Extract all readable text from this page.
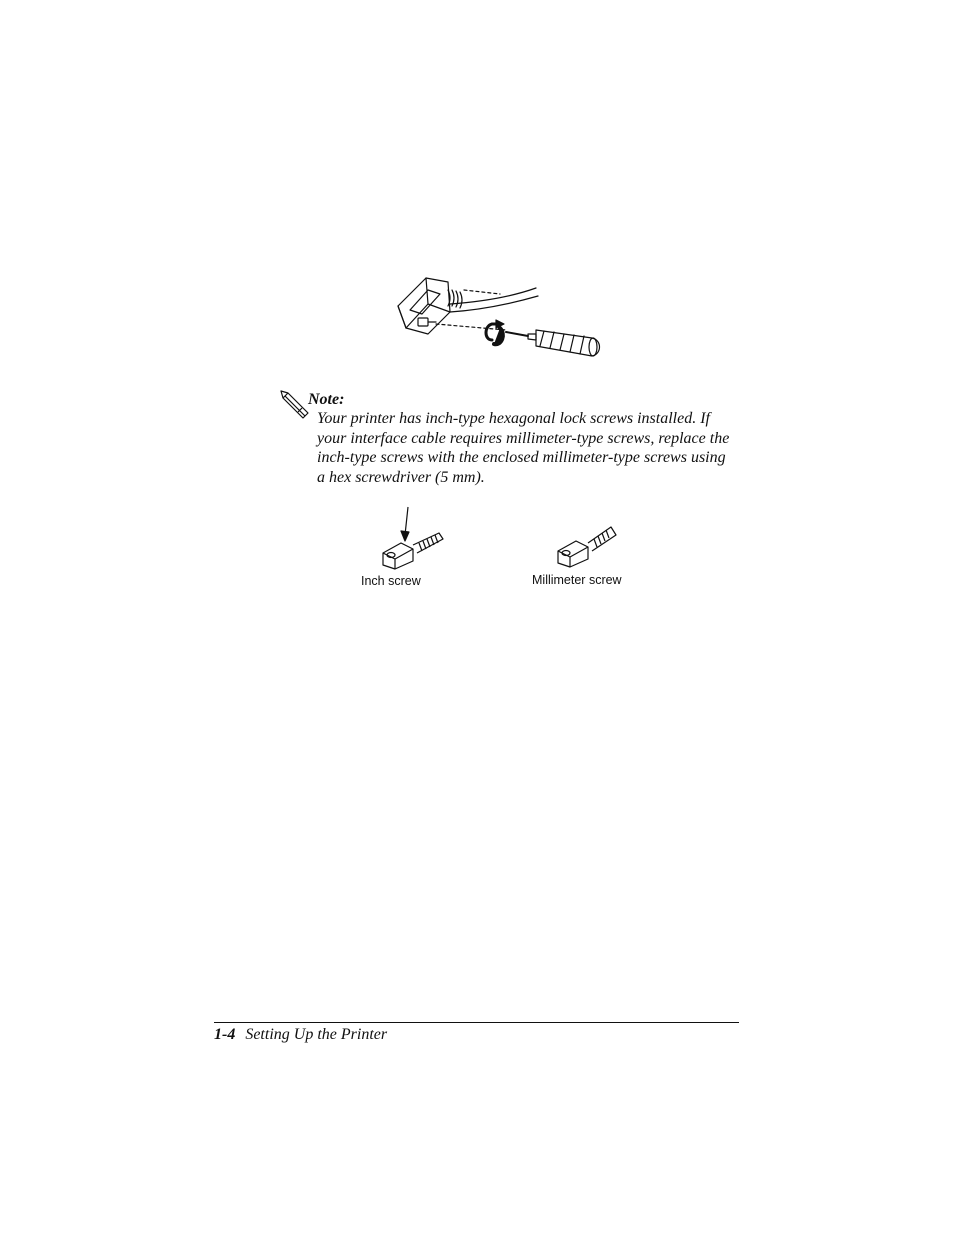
Note:
Your printer has inch-type hexagonal lock screws installed. If
your interface cable requires millimeter-type screws, replace the
inch-type screws with the enclosed millimeter-type screws using
a hex screwdriver (5 mm).
Inch screw	Millimeter screw
1-4 Setting Up the Printer
